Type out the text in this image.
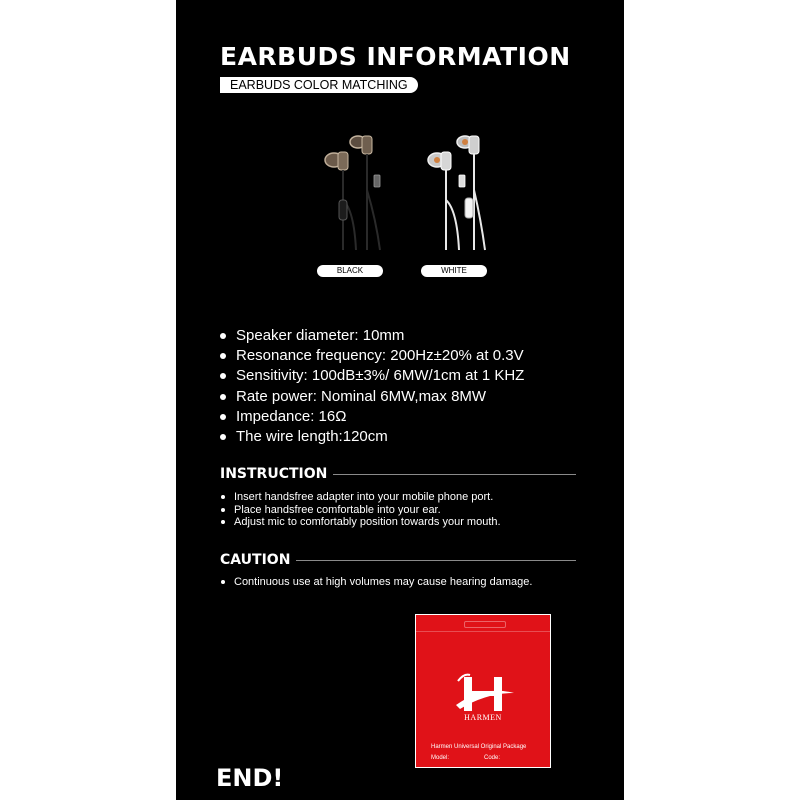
EARBUDS INFORMATION
EARBUDS COLOR MATCHING
BLACK	WHITE
Speaker diameter: 10mm
Resonance frequency: 200Hz±20% at 0.3V
Sensitivity: 100dB±3%/ 6MW/1cm at 1 KHZ
Rate power: Nominal 6MW,max 8MW
Impedance: 16Ω
The wire length:120cm
INSTRUCTION
Insert handsfree adapter into your mobile phone port.
Place handsfree comfortable into your ear.
Adjust mic to comfortably position towards your mouth.
CAUTION
Continuous use at high volumes may cause hearing damage.
HARMEN
Harmen Universal Original Package
Model:	Code:
END!
